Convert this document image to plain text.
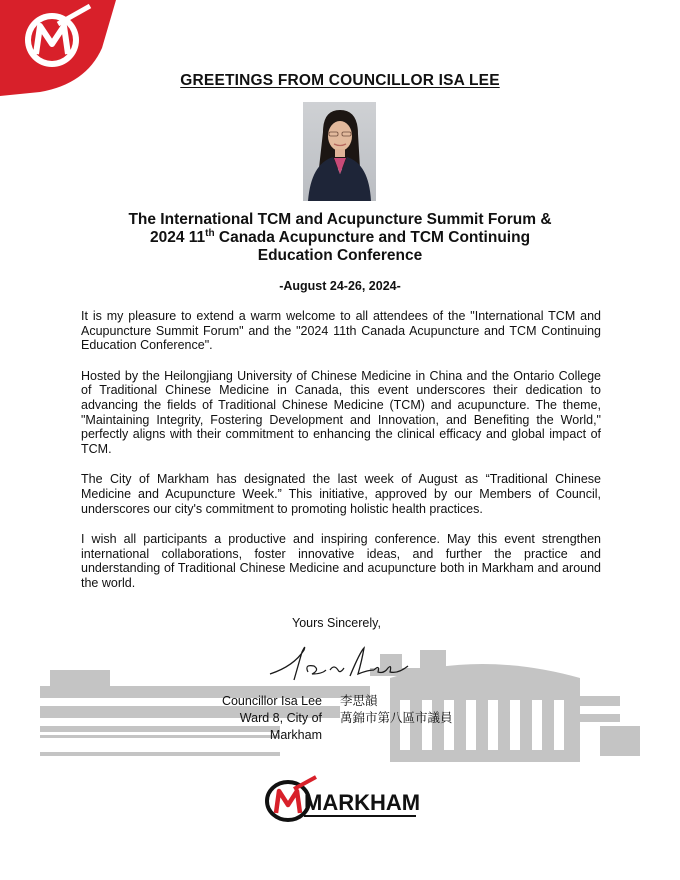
GREETINGS FROM COUNCILLOR ISA LEE
The International TCM and Acupuncture Summit Forum &
2024 11th Canada Acupuncture and TCM Continuing
Education Conference
-August 24-26, 2024-

It is my pleasure to extend a warm welcome to all attendees of the "International TCM and Acupuncture Summit Forum" and the "2024 11th Canada Acupuncture and TCM Continuing Education Conference".

Hosted by the Heilongjiang University of Chinese Medicine in China and the Ontario College of Traditional Chinese Medicine in Canada, this event underscores their dedication to advancing the fields of Traditional Chinese Medicine (TCM) and acupuncture. The theme, "Maintaining Integrity, Fostering Development and Innovation, and Benefiting the World," perfectly aligns with their commitment to enhancing the clinical efficacy and global impact of TCM.

The City of Markham has designated the last week of August as “Traditional Chinese Medicine and Acupuncture Week.” This initiative, approved by our Members of Council, underscores our city's commitment to promoting holistic health practices.

I wish all participants a productive and inspiring conference. May this event strengthen international collaborations, foster innovative ideas, and further the practice and understanding of Traditional Chinese Medicine and acupuncture both in Markham and around the world.

Yours Sincerely,
Councillor Isa Lee
Ward 8, City of Markham
李思韻
萬錦市第八區市議員
MARKHAM
